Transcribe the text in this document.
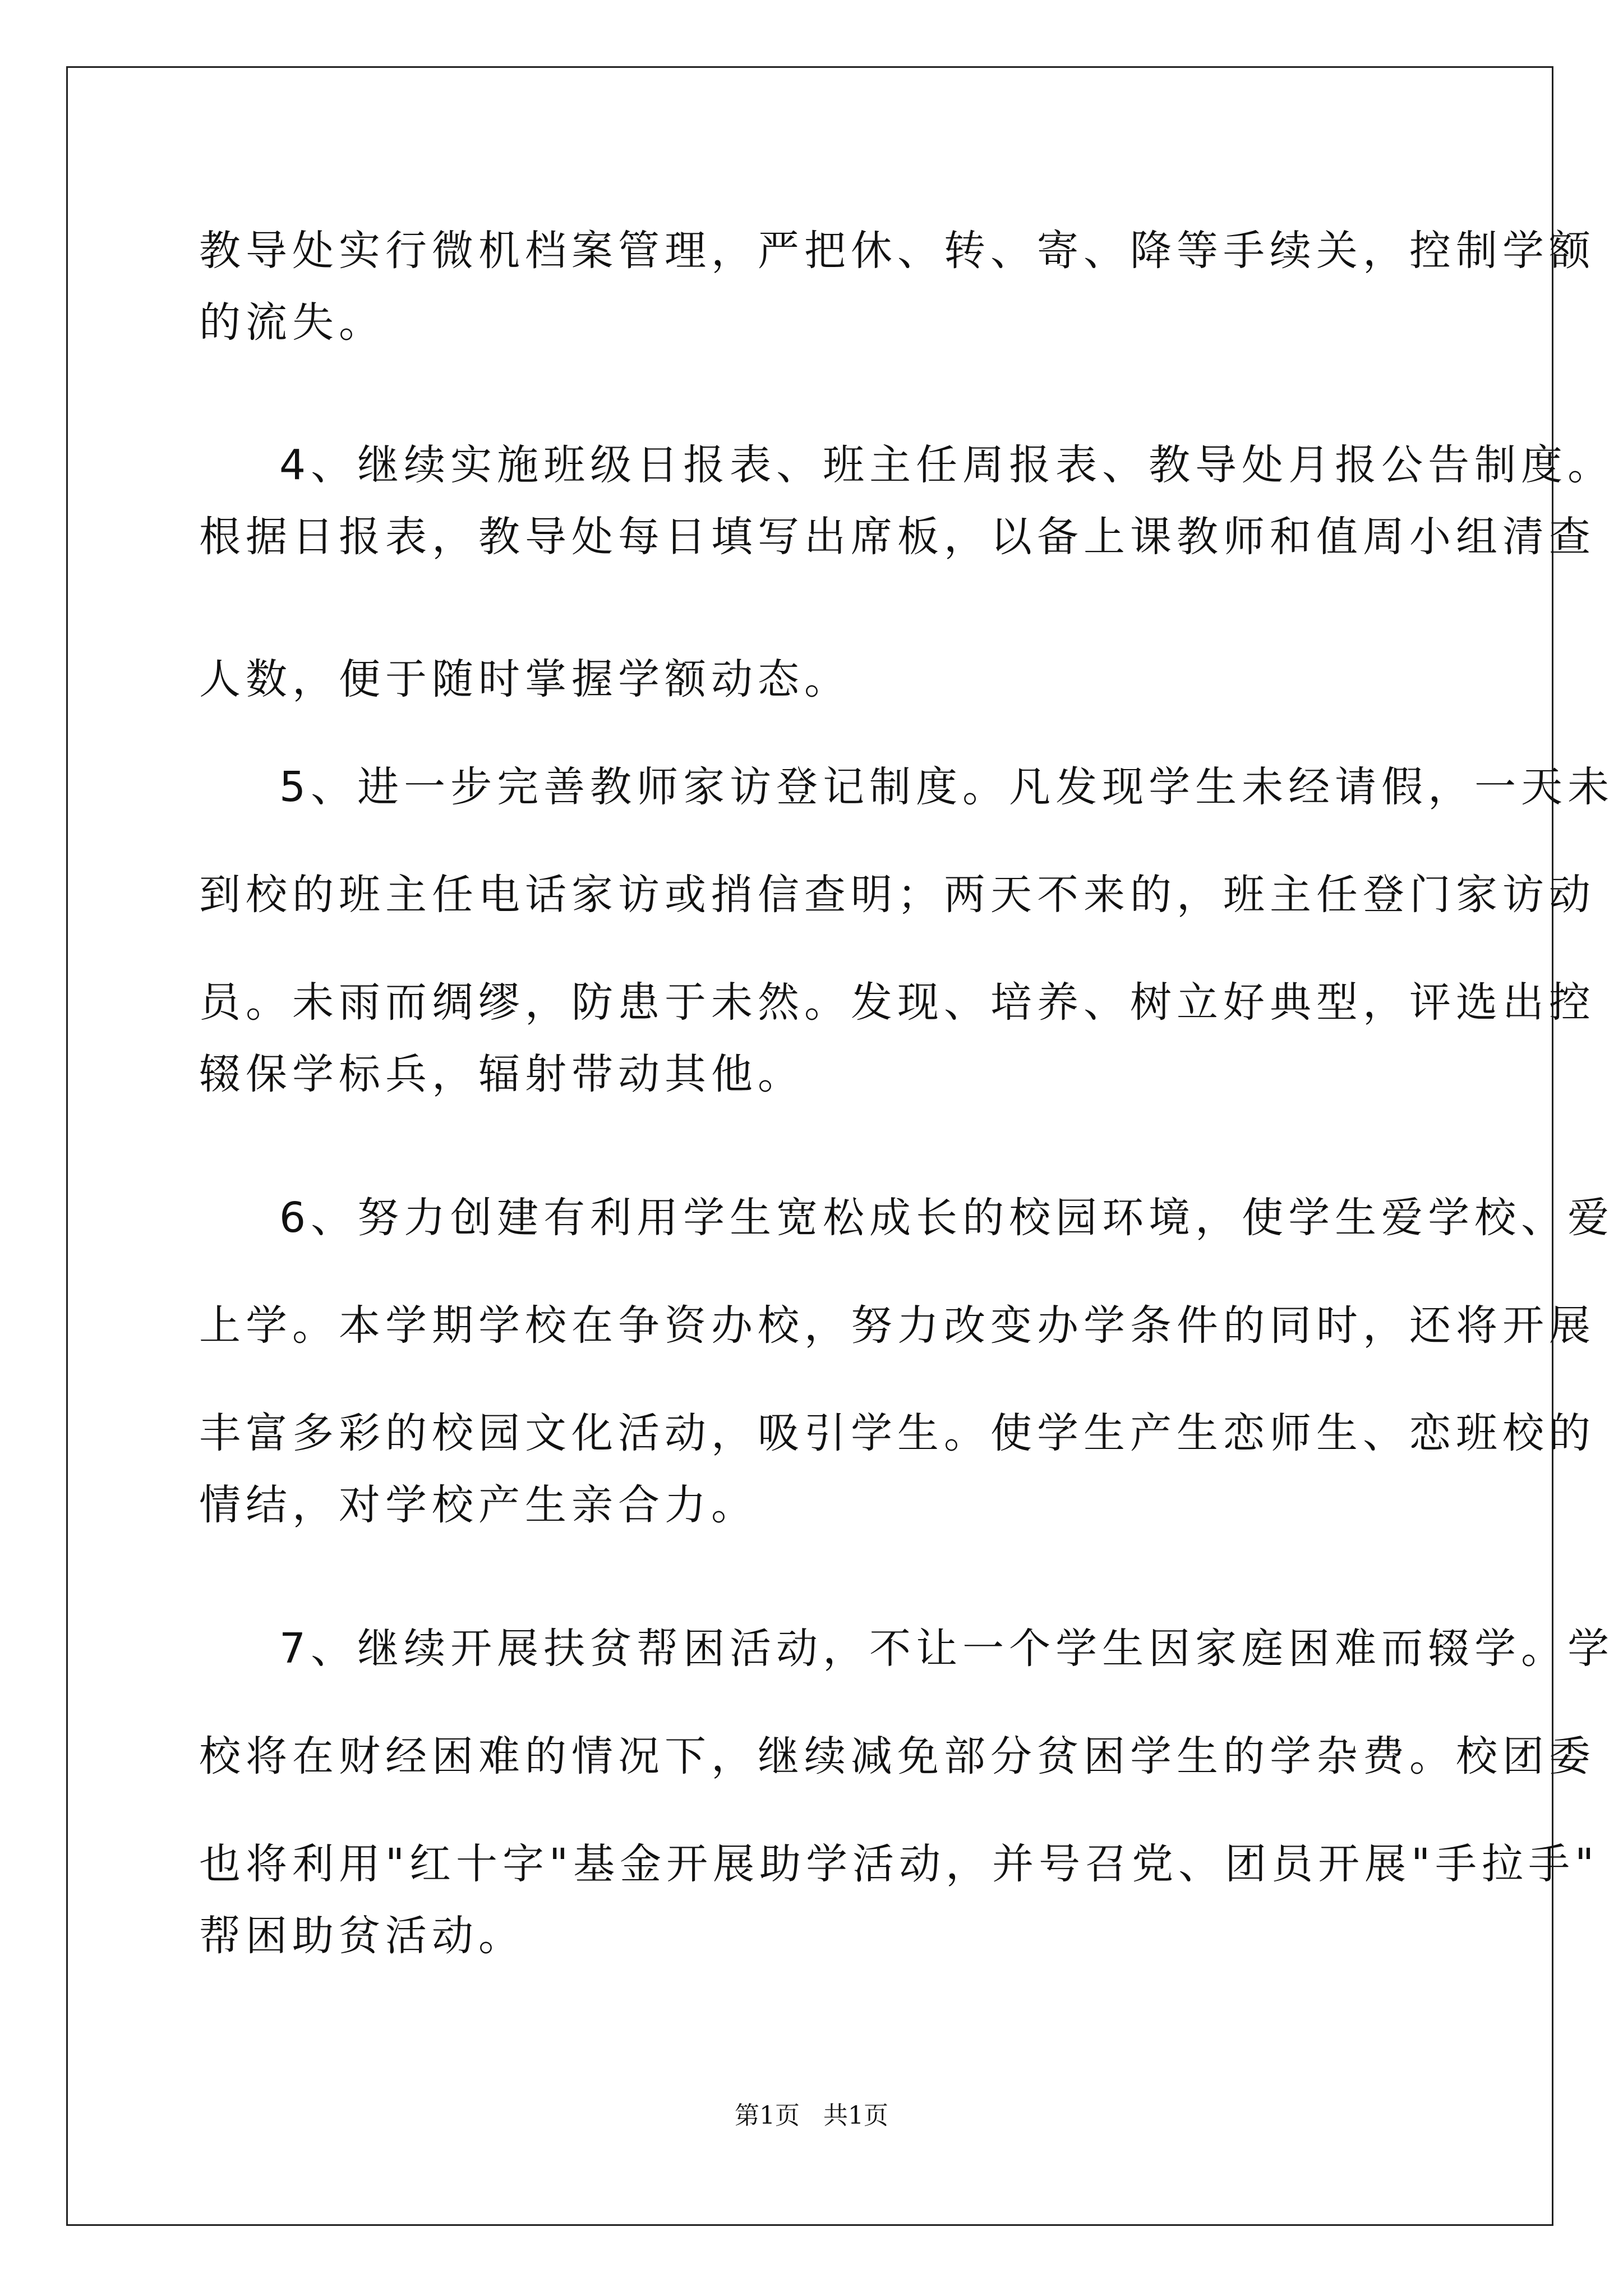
教导处实行微机档案管理，严把休、转、寄、降等手续关，控制学额
的流失。
4、继续实施班级日报表、班主任周报表、教导处月报公告制度。
根据日报表，教导处每日填写出席板，以备上课教师和值周小组清查
人数，便于随时掌握学额动态。
5、进一步完善教师家访登记制度。凡发现学生未经请假，一天未
到校的班主任电话家访或捎信查明；两天不来的，班主任登门家访动
员。未雨而绸缪，防患于未然。发现、培养、树立好典型，评选出控
辍保学标兵，辐射带动其他。
6、努力创建有利用学生宽松成长的校园环境，使学生爱学校、爱
上学。本学期学校在争资办校，努力改变办学条件的同时，还将开展
丰富多彩的校园文化活动，吸引学生。使学生产生恋师生、恋班校的
情结，对学校产生亲合力。
7、继续开展扶贫帮困活动，不让一个学生因家庭困难而辍学。学
校将在财经困难的情况下，继续减免部分贫困学生的学杂费。校团委
也将利用"红十字"基金开展助学活动，并号召党、团员开展"手拉手"
帮困助贫活动。
第1页   共1页
